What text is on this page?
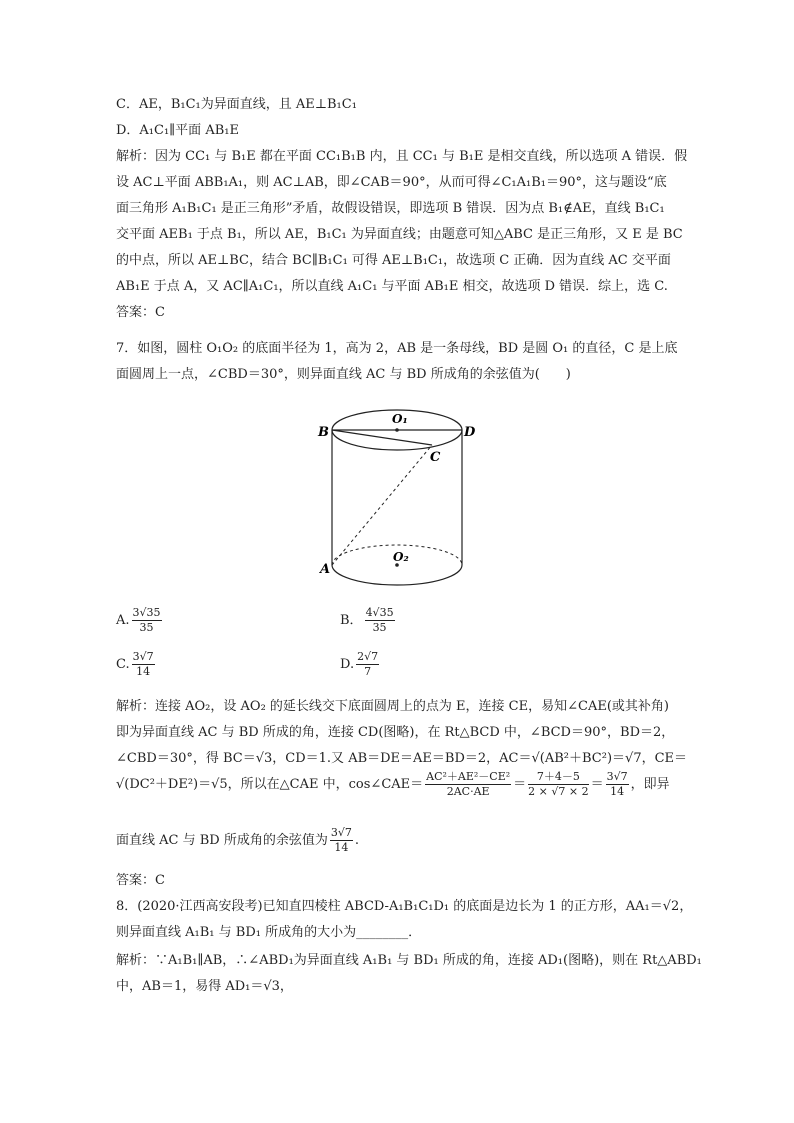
C．AE，B₁C₁为异面直线，且 AE⊥B₁C₁
D．A₁C₁∥平面 AB₁E
解析：因为 CC₁ 与 B₁E 都在平面 CC₁B₁B 内，且 CC₁ 与 B₁E 是相交直线，所以选项 A 错误．假
设 AC⊥平面 ABB₁A₁，则 AC⊥AB，即∠CAB＝90°，从而可得∠C₁A₁B₁＝90°，这与题设“底
面三角形 A₁B₁C₁ 是正三角形”矛盾，故假设错误，即选项 B 错误．因为点 B₁∉AE，直线 B₁C₁
交平面 AEB₁ 于点 B₁，所以 AE，B₁C₁ 为异面直线；由题意可知△ABC 是正三角形，又 E 是 BC
的中点，所以 AE⊥BC，结合 BC∥B₁C₁ 可得 AE⊥B₁C₁，故选项 C 正确．因为直线 AC 交平面
AB₁E 于点 A，又 AC∥A₁C₁，所以直线 A₁C₁ 与平面 AB₁E 相交，故选项 D 错误．综上，选 C.
答案：C
7．如图，圆柱 O₁O₂ 的底面半径为 1，高为 2，AB 是一条母线，BD 是圆 O₁ 的直径，C 是上底
面圆周上一点，∠CBD＝30°，则异面直线 AC 与 BD 所成角的余弦值为(　　)
B	D
C
A
O₁
O₂
A. $\frac{3√35}{35}$	B． $\frac{4√35}{35}$
C. $\frac{3√7}{14}$	D. $\frac{2√7}{7}$
解析：连接 AO₂，设 AO₂ 的延长线交下底面圆周上的点为 E，连接 CE，易知∠CAE(或其补角)
即为异面直线 AC 与 BD 所成的角，连接 CD(图略)，在 Rt△BCD 中，∠BCD＝90°，BD＝2，
∠CBD＝30°，得 BC＝√3，CD＝1.又 AB＝DE＝AE＝BD＝2，AC＝√(AB²＋BC²)＝√7，CE＝
√(DC²＋DE²)＝√5，所以在△CAE 中，cos∠CAE＝ $\frac{\text{AC²＋AE²－CE²}}{2AC\cdot AE} = \frac{7+4-5}{2 \times √7 \times 2} = \frac{3√7}{14}$ ，即异
面直线 AC 与 BD 所成角的余弦值为 $\frac{3√7}{14}$ .
答案：C
8．(2020·江西高安段考)已知直四棱柱 ABCD-A₁B₁C₁D₁ 的底面是边长为 1 的正方形，AA₁＝√2，
则异面直线 A₁B₁ 与 BD₁ 所成角的大小为________．
解析：∵A₁B₁∥AB，∴∠ABD₁为异面直线 A₁B₁ 与 BD₁ 所成的角，连接 AD₁(图略)，则在 Rt△ABD₁
中，AB＝1，易得 AD₁＝√3，
